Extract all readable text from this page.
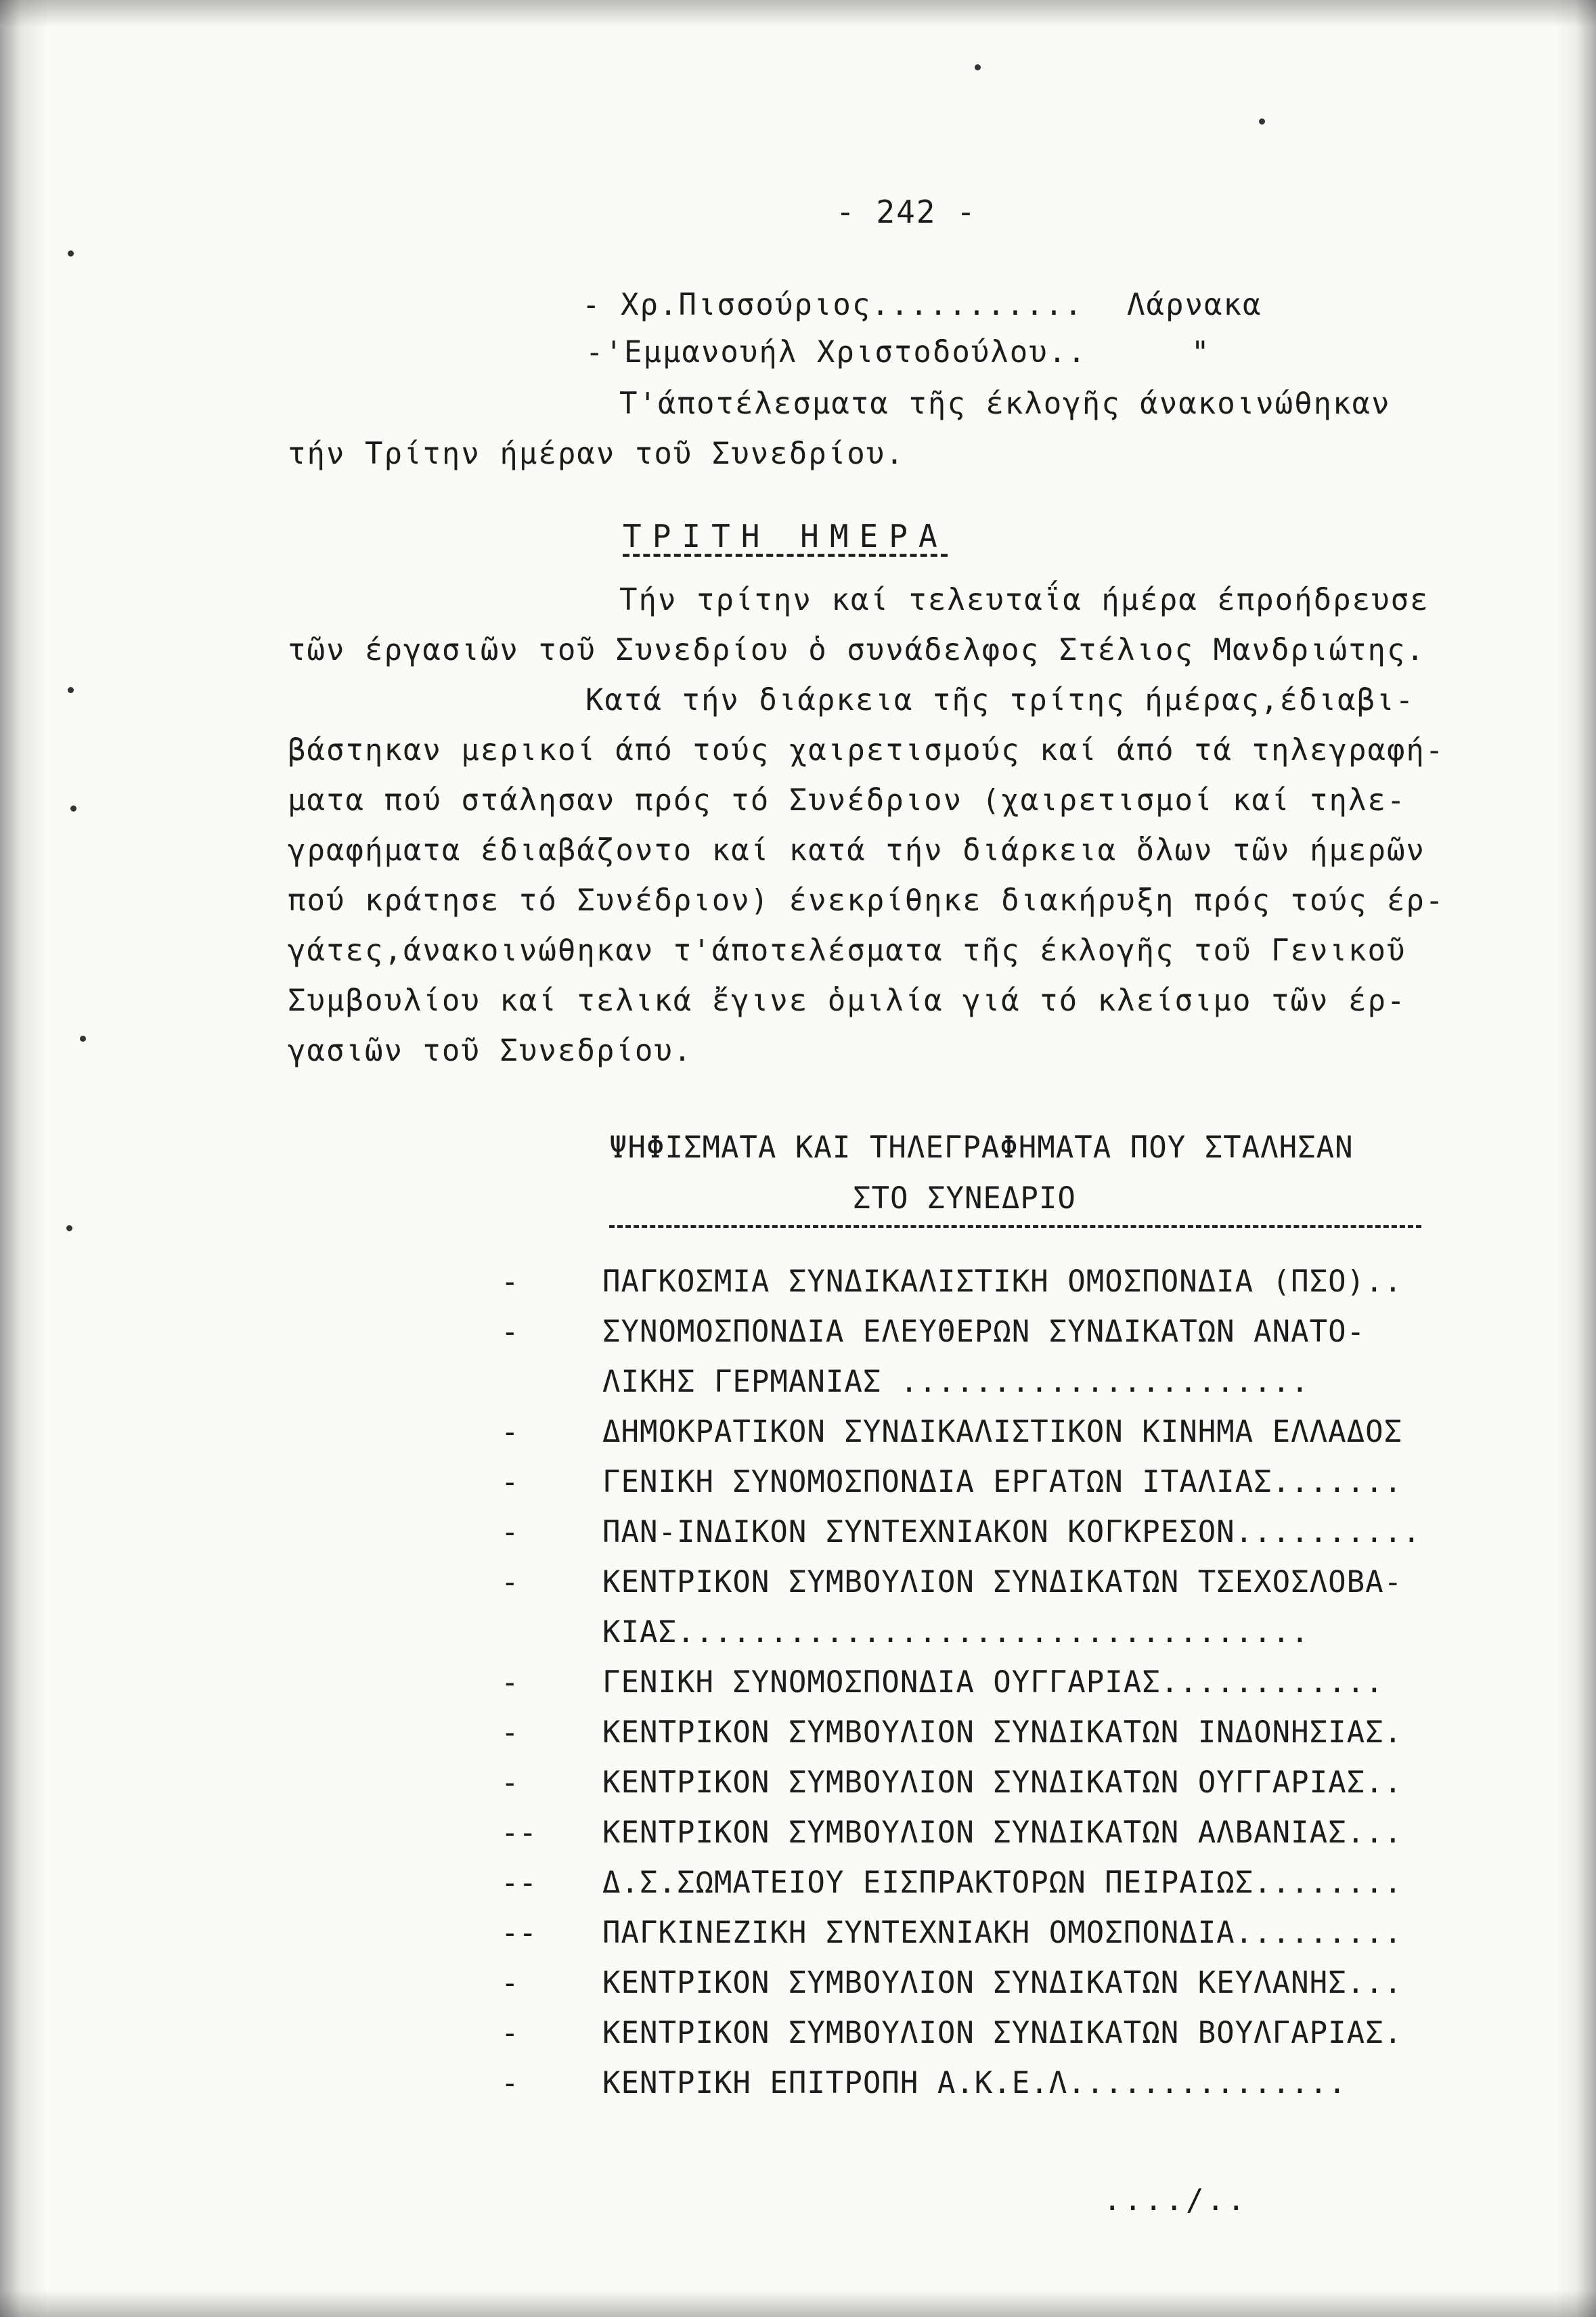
- 242 -
- Χρ.Πισσούριος........... Λάρνακα
-'Εμμανουήλ Χριστοδούλου..	"
Τ'άποτέλεσματα τῆς έκλογῆς άνακοινώθηκαν
τήν Τρίτην ήμέραν τοῦ Συνεδρίου.
ΤΡΙΤΗ ΗΜΕΡΑ
Τήν τρίτην καί τελευταΐα ήμέρα έπροήδρευσε
τῶν έργασιῶν τοῦ Συνεδρίου ὁ συνάδελφος Στέλιος Μανδριώτης.
Κατά τήν διάρκεια τῆς τρίτης ήμέρας,έδιαβι-
βάστηκαν μερικοί άπό τούς χαιρετισμούς καί άπό τά τηλεγραφή-
ματα πού στάλησαν πρός τό Συνέδριον (χαιρετισμοί καί τηλε-
γραφήματα έδιαβάζοντο καί κατά τήν διάρκεια ὅλων τῶν ήμερῶν
πού κράτησε τό Συνέδριον) ένεκρίθηκε διακήρυξη πρός τούς έρ-
γάτες,άνακοινώθηκαν τ'άποτελέσματα τῆς έκλογῆς τοῦ Γενικοῦ
Συμβουλίου καί τελικά ἔγινε ὁμιλία γιά τό κλείσιμο τῶν έρ-
γασιῶν τοῦ Συνεδρίου.
ΨΗΦΙΣΜΑΤΑ ΚΑΙ ΤΗΛΕΓΡΑΦΗΜΑΤΑ ΠΟΥ ΣΤΑΛΗΣΑΝ
ΣΤΟ ΣΥΝΕΔΡΙΟ
-	ΠΑΓΚΟΣΜΙΑ ΣΥΝΔΙΚΑΛΙΣΤΙΚΗ ΟΜΟΣΠΟΝΔΙΑ (ΠΣΟ)..
-	ΣΥΝΟΜΟΣΠΟΝΔΙΑ ΕΛΕΥΘΕΡΩΝ ΣΥΝΔΙΚΑΤΩΝ ΑΝΑΤΟ-
ΛΙΚΗΣ ΓΕΡΜΑΝΙΑΣ ......................
-	ΔΗΜΟΚΡΑΤΙΚΟΝ ΣΥΝΔΙΚΑΛΙΣΤΙΚΟΝ ΚΙΝΗΜΑ ΕΛΛΑΔΟΣ
-	ΓΕΝΙΚΗ ΣΥΝΟΜΟΣΠΟΝΔΙΑ ΕΡΓΑΤΩΝ ΙΤΑΛΙΑΣ.......
-	ΠΑΝ-ΙΝΔΙΚΟΝ ΣΥΝΤΕΧΝΙΑΚΟΝ ΚΟΓΚΡΕΣΟΝ..........
-	ΚΕΝΤΡΙΚΟΝ ΣΥΜΒΟΥΛΙΟΝ ΣΥΝΔΙΚΑΤΩΝ ΤΣΕΧΟΣΛΟΒΑ-
ΚΙΑΣ..................................
-	ΓΕΝΙΚΗ ΣΥΝΟΜΟΣΠΟΝΔΙΑ ΟΥΓΓΑΡΙΑΣ............
-	ΚΕΝΤΡΙΚΟΝ ΣΥΜΒΟΥΛΙΟΝ ΣΥΝΔΙΚΑΤΩΝ ΙΝΔΟΝΗΣΙΑΣ.
-	ΚΕΝΤΡΙΚΟΝ ΣΥΜΒΟΥΛΙΟΝ ΣΥΝΔΙΚΑΤΩΝ ΟΥΓΓΑΡΙΑΣ..
-- ΚΕΝΤΡΙΚΟΝ ΣΥΜΒΟΥΛΙΟΝ ΣΥΝΔΙΚΑΤΩΝ ΑΛΒΑΝΙΑΣ...
-- Δ.Σ.ΣΩΜΑΤΕΙΟΥ ΕΙΣΠΡΑΚΤΟΡΩΝ ΠΕΙΡΑΙΩΣ........
-- ΠΑΓΚΙΝΕΖΙΚΗ ΣΥΝΤΕΧΝΙΑΚΗ ΟΜΟΣΠΟΝΔΙΑ.........
-	ΚΕΝΤΡΙΚΟΝ ΣΥΜΒΟΥΛΙΟΝ ΣΥΝΔΙΚΑΤΩΝ ΚΕΥΛΑΝΗΣ...
-	ΚΕΝΤΡΙΚΟΝ ΣΥΜΒΟΥΛΙΟΝ ΣΥΝΔΙΚΑΤΩΝ ΒΟΥΛΓΑΡΙΑΣ.
-	ΚΕΝΤΡΙΚΗ ΕΠΙΤΡΟΠΗ Α.Κ.Ε.Λ...............
..../..
